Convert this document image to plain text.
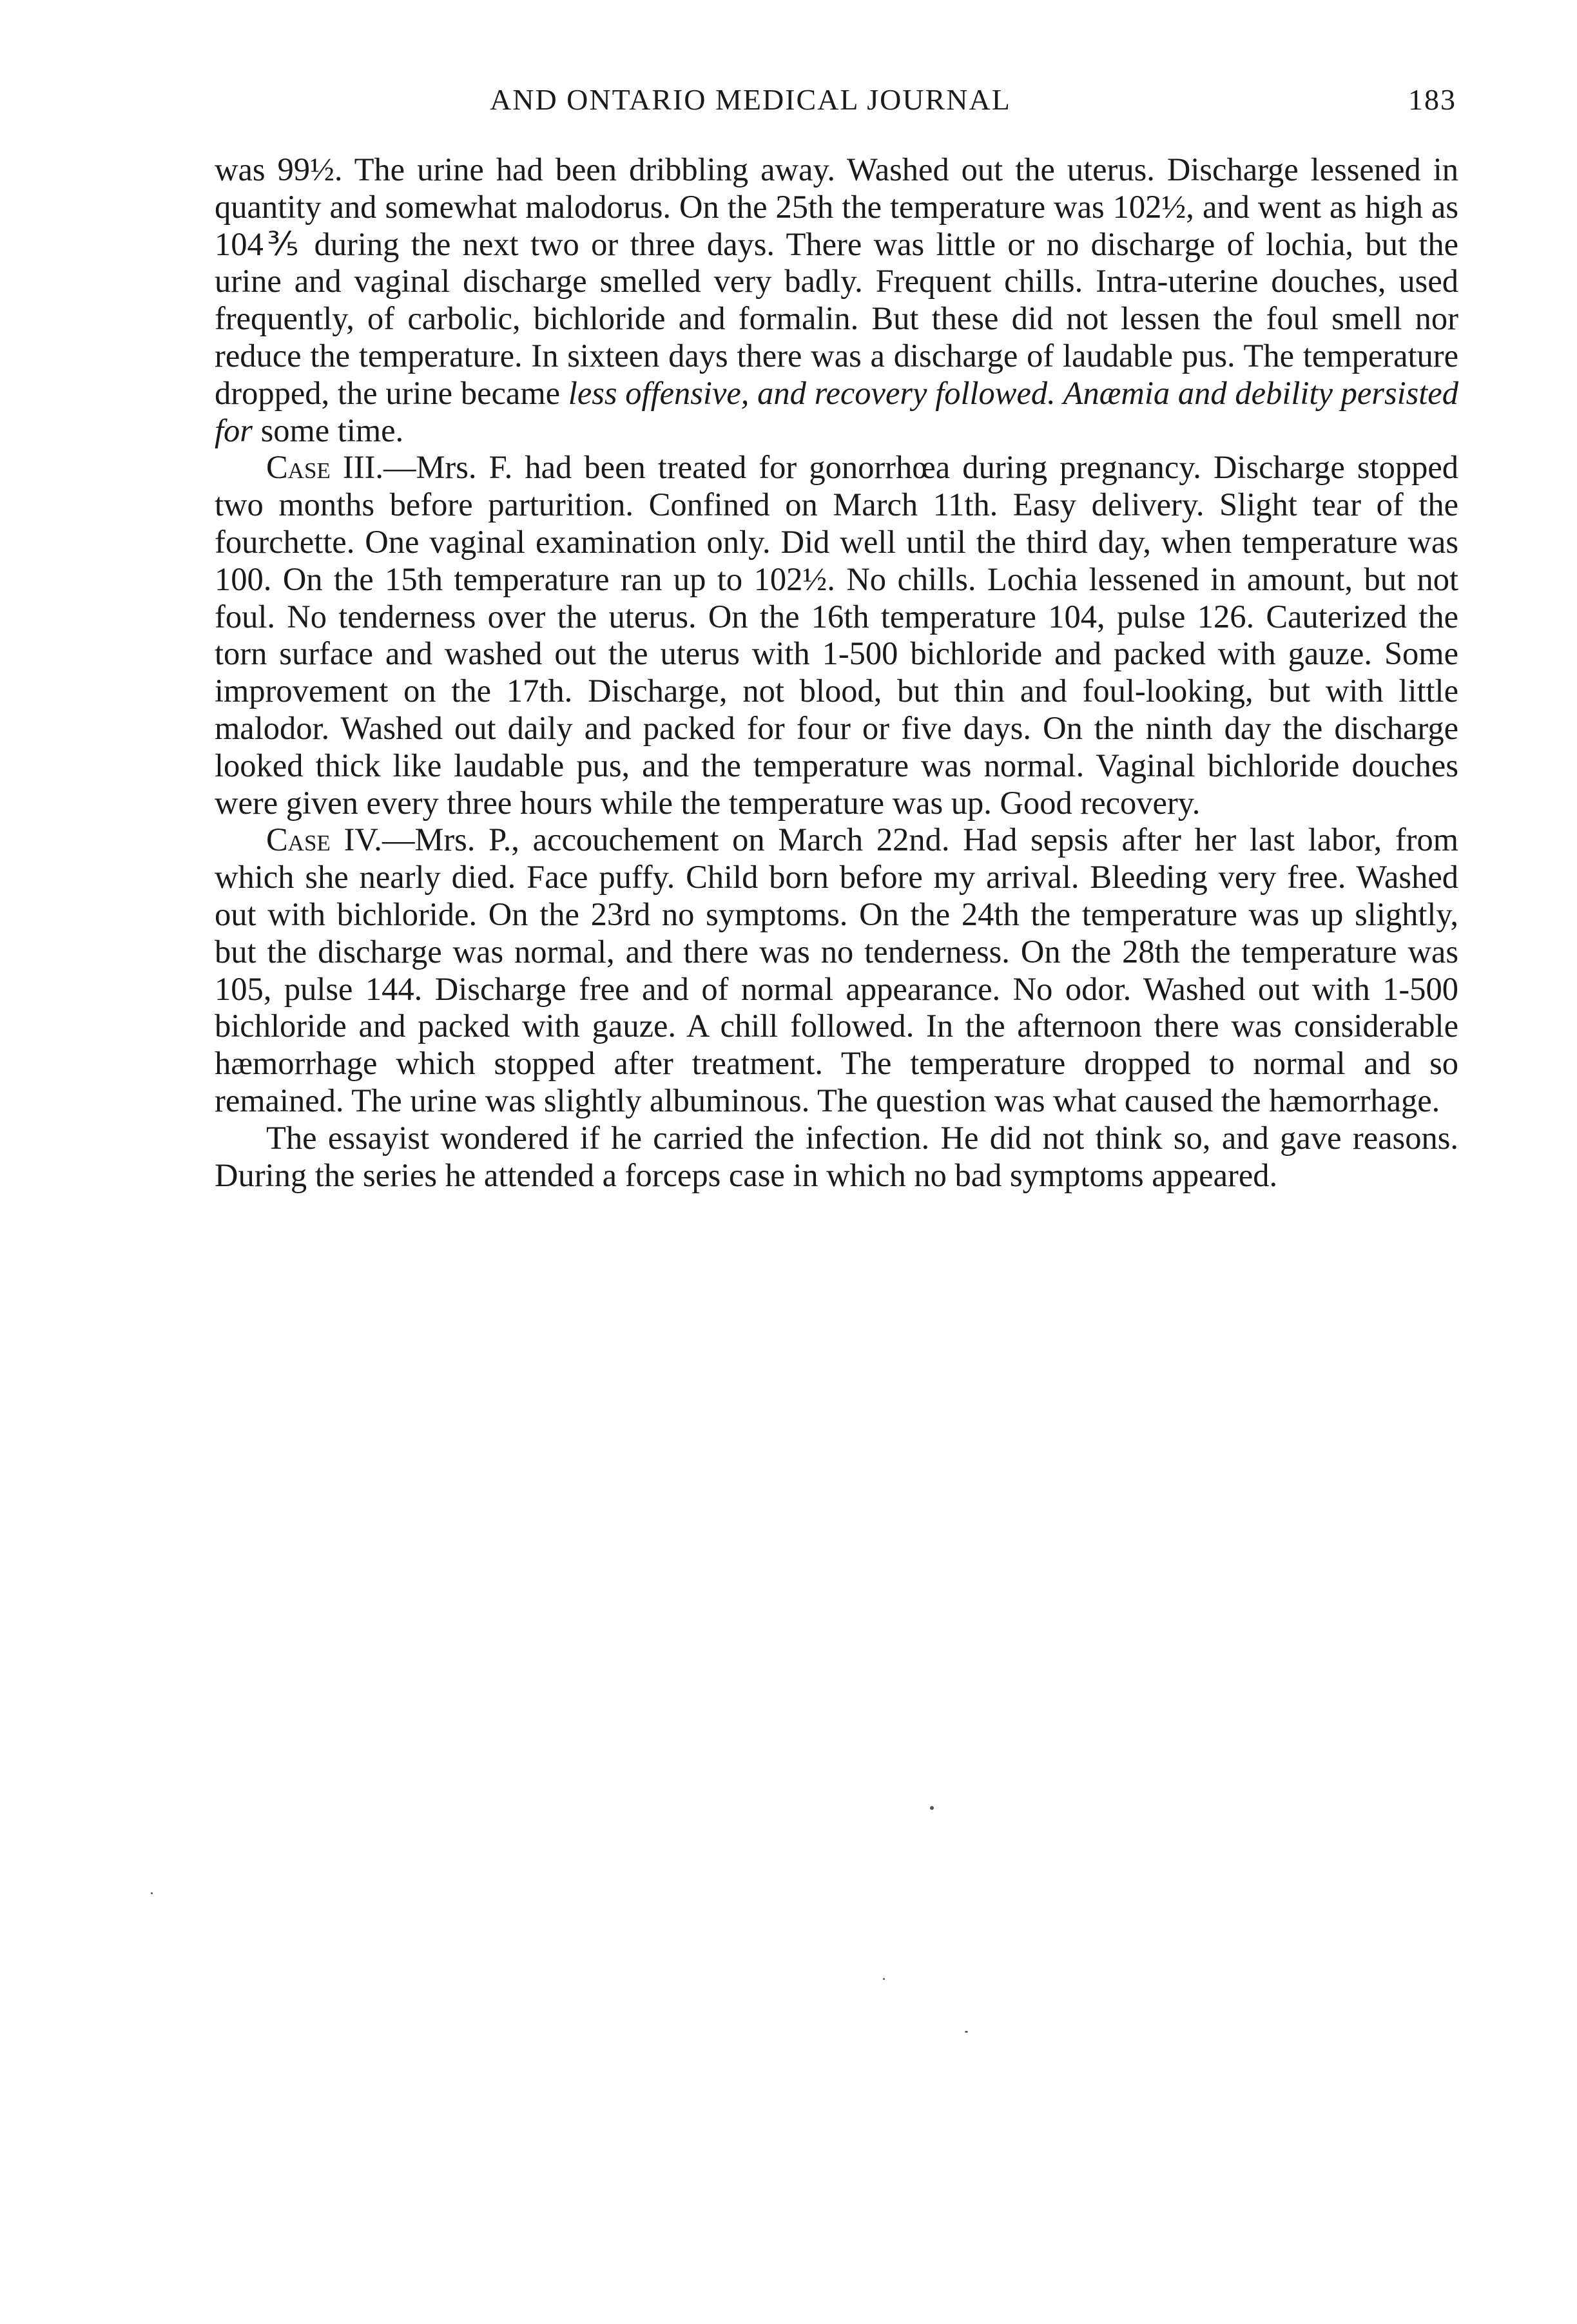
AND ONTARIO MEDICAL JOURNAL	183

was 99½. The urine had been dribbling away. Washed out the uterus. Discharge lessened in quantity and somewhat malodorus. On the 25th the temperature was 102½, and went as high as 104⅗ during the next two or three days. There was little or no discharge of lochia, but the urine and vaginal discharge smelled very badly. Frequent chills. Intra-uterine douches, used frequently, of carbolic, bichloride and formalin. But these did not lessen the foul smell nor reduce the temperature. In sixteen days there was a discharge of laudable pus. The temperature dropped, the urine became less offensive, and recovery followed. Anæmia and debility persisted for some time.

Case III.—Mrs. F. had been treated for gonorrhœa during pregnancy. Discharge stopped two months before parturition. Confined on March 11th. Easy delivery. Slight tear of the fourchette. One vaginal examination only. Did well until the third day, when temperature was 100. On the 15th temperature ran up to 102½. No chills. Lochia lessened in amount, but not foul. No tenderness over the uterus. On the 16th temperature 104, pulse 126. Cauterized the torn surface and washed out the uterus with 1-500 bichloride and packed with gauze. Some improvement on the 17th. Discharge, not blood, but thin and foul-looking, but with little malodor. Washed out daily and packed for four or five days. On the ninth day the discharge looked thick like laudable pus, and the temperature was normal. Vaginal bichloride douches were given every three hours while the temperature was up. Good recovery.

Case IV.—Mrs. P., accouchement on March 22nd. Had sepsis after her last labor, from which she nearly died. Face puffy. Child born before my arrival. Bleeding very free. Washed out with bichloride. On the 23rd no symptoms. On the 24th the temperature was up slightly, but the discharge was normal, and there was no tenderness. On the 28th the temperature was 105, pulse 144. Discharge free and of normal appearance. No odor. Washed out with 1-500 bichloride and packed with gauze. A chill followed. In the afternoon there was considerable hæmorrhage which stopped after treatment. The temperature dropped to normal and so remained. The urine was slightly albuminous. The question was what caused the hæmorrhage.

The essayist wondered if he carried the infection. He did not think so, and gave reasons. During the series he attended a forceps case in which no bad symptoms appeared.
